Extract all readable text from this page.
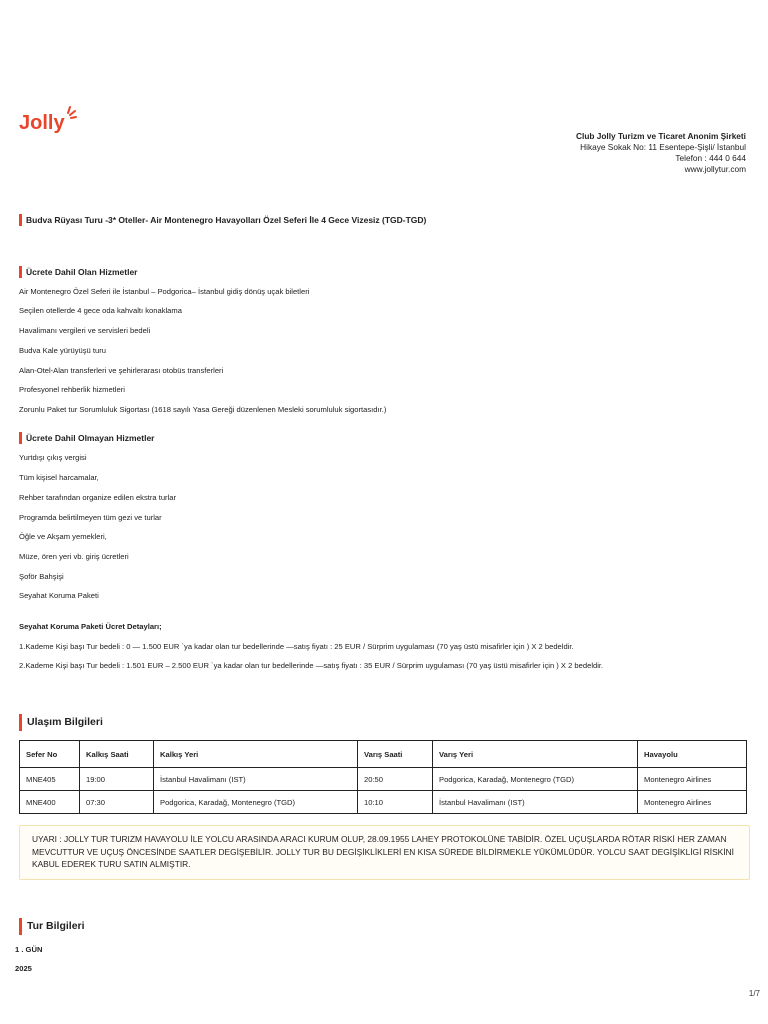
Jolly
Club Jolly Turizm ve Ticaret Anonim Şirketi
Hikaye Sokak No: 11 Esentepe-Şişli/ İstanbul
Telefon : 444 0 644
www.jollytur.com
Budva Rüyası Turu -3* Oteller- Air Montenegro Havayolları Özel Seferi İle 4 Gece Vizesiz (TGD-TGD)
Ücrete Dahil Olan Hizmetler
Air Montenegro Özel Seferi ile İstanbul – Podgorica– İstanbul gidiş dönüş uçak biletleri
Seçilen otellerde 4 gece oda kahvaltı konaklama
Havalimanı vergileri ve servisleri bedeli
Budva Kale yürüyüşü turu
Alan-Otel-Alan transferleri ve şehirlerarası otobüs transferleri
Profesyonel rehberlik hizmetleri
Zorunlu Paket tur Sorumluluk Sigortası (1618 sayılı Yasa Gereği düzenlenen Mesleki sorumluluk sigortasıdır.)
Ücrete Dahil Olmayan Hizmetler
Yurtdışı çıkış vergisi
Tüm kişisel harcamalar,
Rehber tarafından organize edilen ekstra turlar
Programda belirtilmeyen tüm gezi ve turlar
Öğle ve Akşam yemekleri,
Müze, ören yeri vb. giriş ücretleri
Şoför Bahşişi
Seyahat Koruma Paketi
Seyahat Koruma Paketi Ücret Detayları;
1.Kademe Kişi başı Tur bedeli : 0 — 1.500 EUR `ya kadar olan tur bedellerinde —satış fiyatı : 25 EUR / Sürprim uygulaması (70 yaş üstü misafirler için ) X 2 bedeldir.
2.Kademe Kişi başı Tur bedeli : 1.501 EUR – 2.500 EUR `ya kadar olan tur bedellerinde —satış fiyatı : 35 EUR / Sürprim uygulaması (70 yaş üstü misafirler için ) X 2 bedeldir.
Ulaşım Bilgileri
Sefer No	Kalkış Saati	Kalkış Yeri	Varış Saati	Varış Yeri	Havayolu
MNE405	19:00	İstanbul Havalimanı (IST)	20:50	Podgorica, Karadağ, Montenegro (TGD)	Montenegro Airlines
MNE400	07:30	Podgorica, Karadağ, Montenegro (TGD)	10:10	İstanbul Havalimanı (IST)	Montenegro Airlines
UYARI : JOLLY TUR TURIZM HAVAYOLU İLE YOLCU ARASINDA ARACI KURUM OLUP, 28.09.1955 LAHEY PROTOKOLÜNE TABİDİR. ÖZEL UÇUŞLARDA RÖTAR RİSKİ HER ZAMAN MEVCUTTUR VE UÇUŞ ÖNCESİNDE SAATLER DEGİŞEBİLİR. JOLLY TUR BU DEGİŞİKLİKLERİ EN KISA SÜREDE BİLDİRMEKLE YÜKÜMLÜDÜR. YOLCU SAAT DEGİŞİKLİGİ RİSKİNİ KABUL EDEREK TURU SATIN ALMIŞTIR.
Tur Bilgileri
1 . GÜN
2025
1/7
